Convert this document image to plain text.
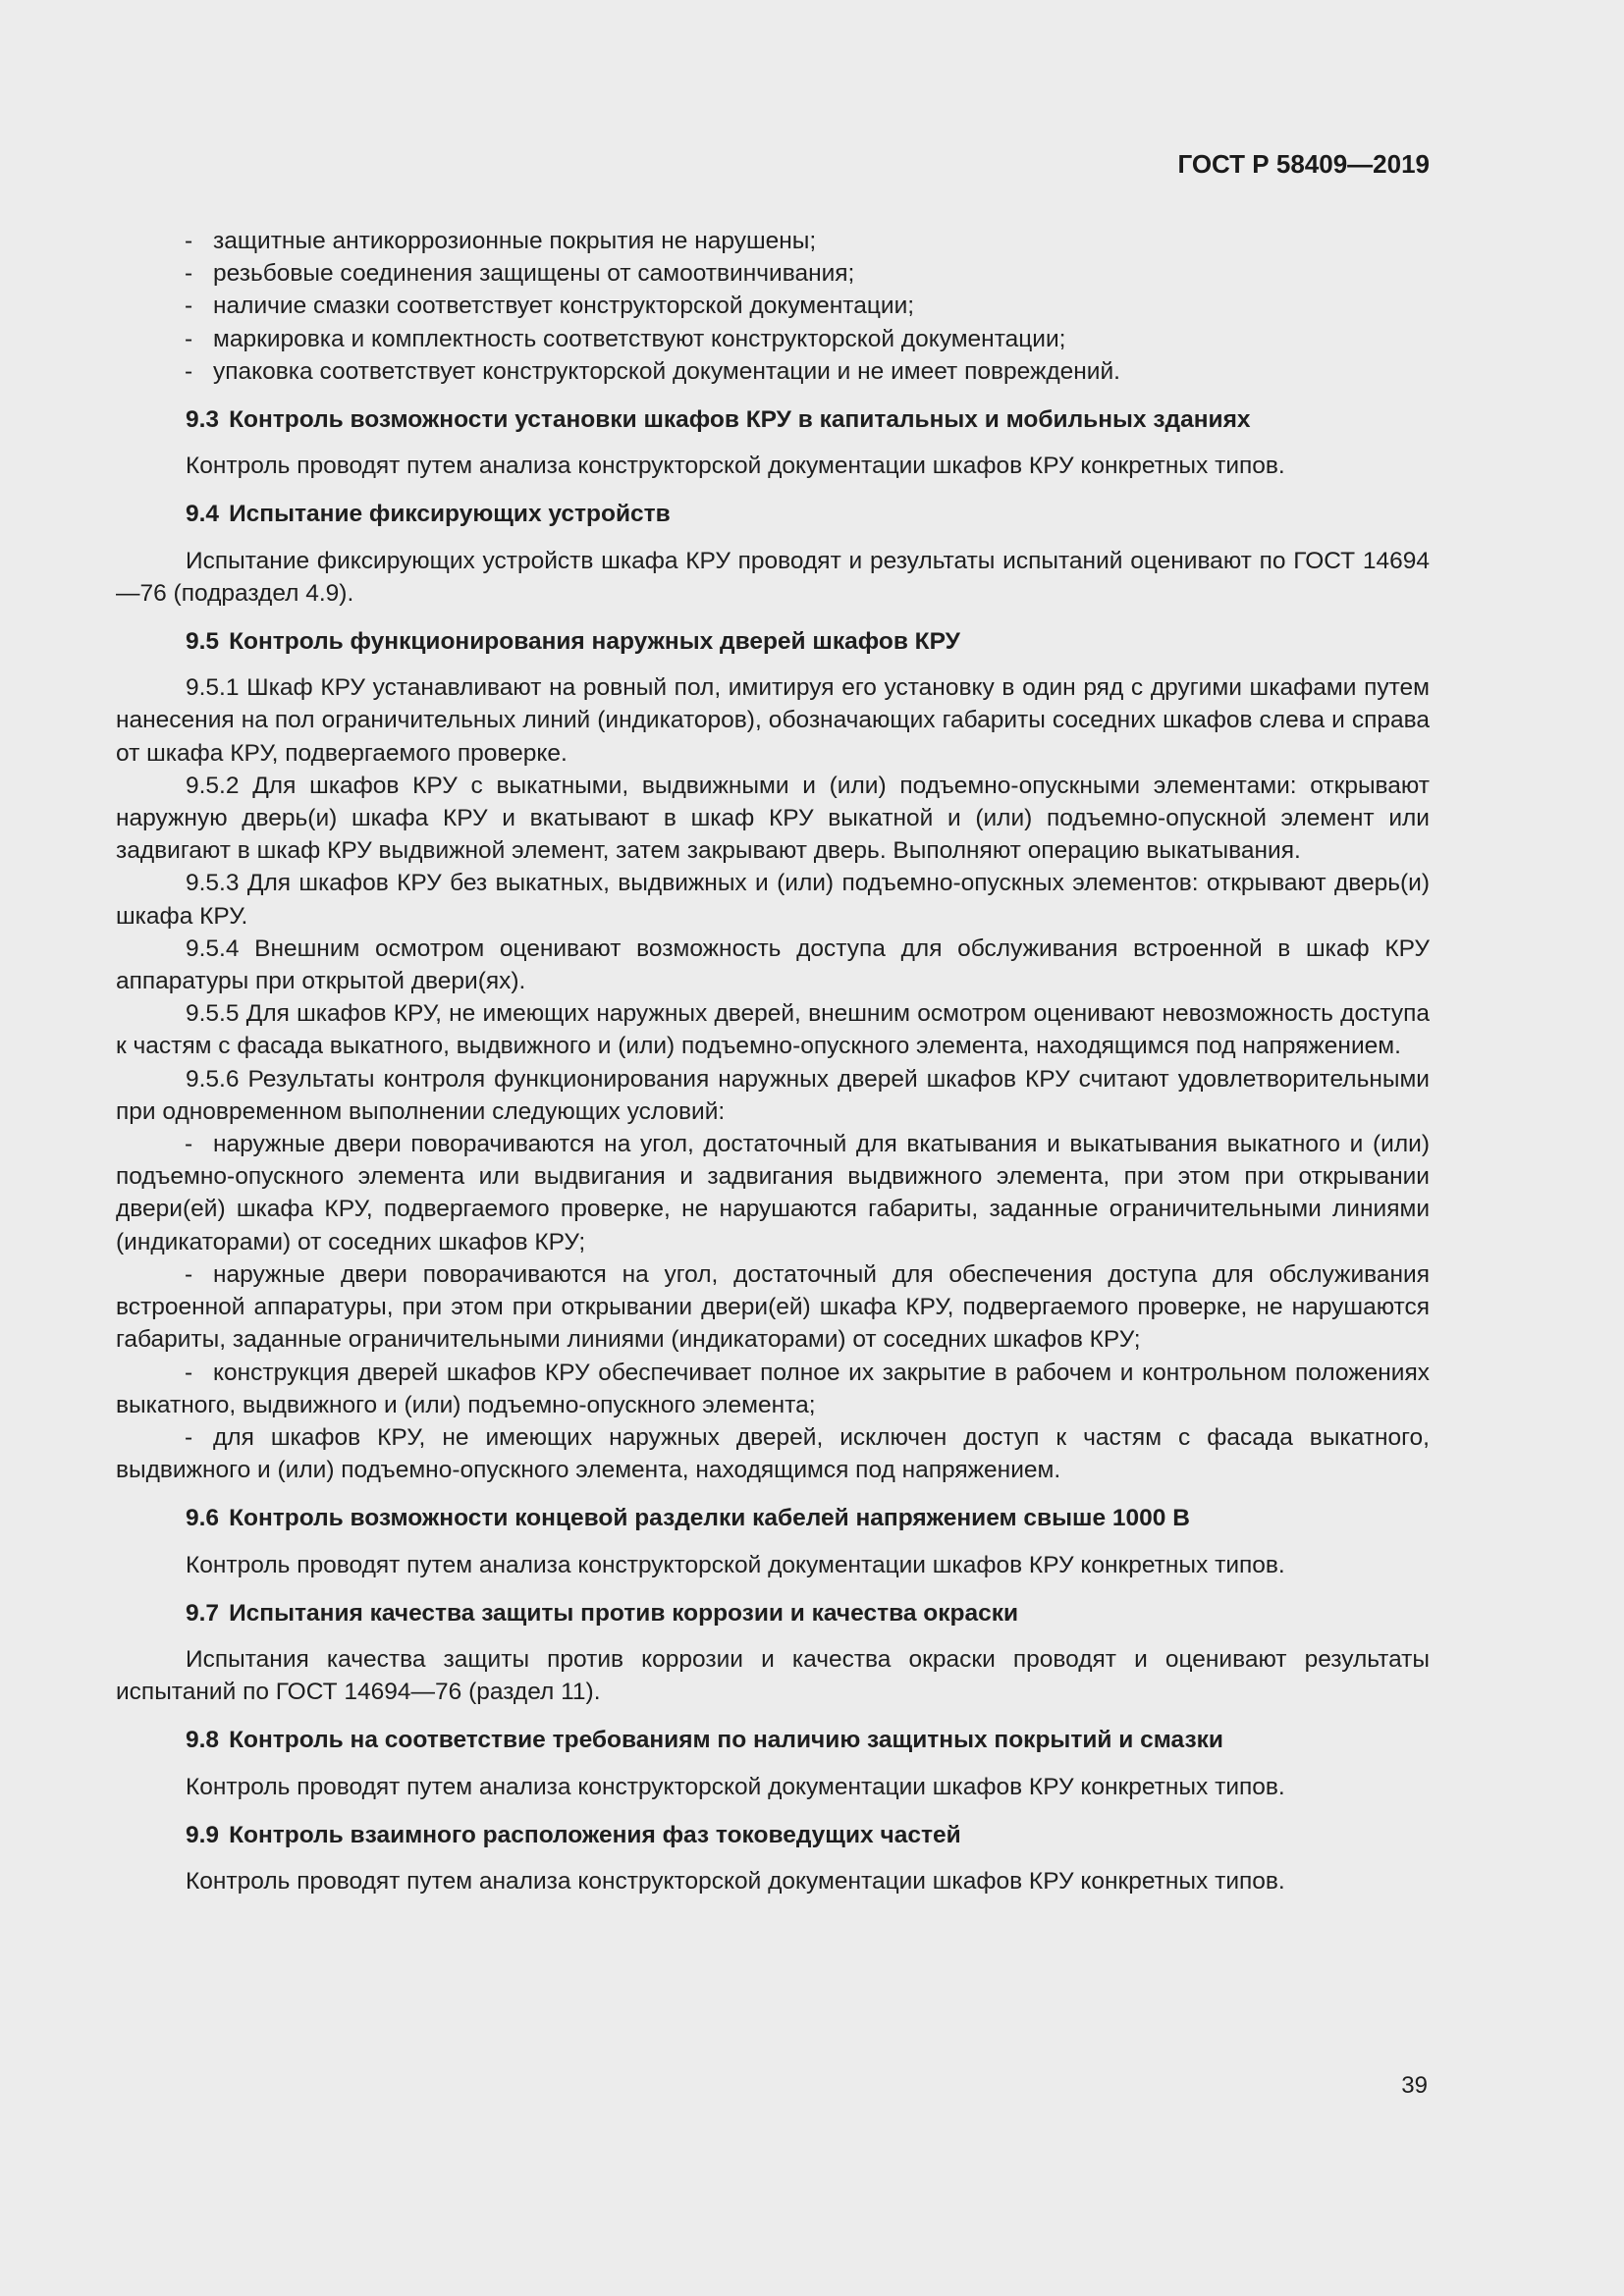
ГОСТ Р 58409—2019

- защитные антикоррозионные покрытия не нарушены;

- резьбовые соединения защищены от самоотвинчивания;

- наличие смазки соответствует конструкторской документации;

- маркировка и комплектность соответствуют конструкторской документации;

- упаковка соответствует конструкторской документации и не имеет повреждений.

9.3 Контроль возможности установки шкафов КРУ в капитальных и мобильных зданиях

Контроль проводят путем анализа конструкторской документации шкафов КРУ конкретных типов.

9.4 Испытание фиксирующих устройств

Испытание фиксирующих устройств шкафа КРУ проводят и результаты испытаний оценивают по ГОСТ 14694—76 (подраздел 4.9).

9.5 Контроль функционирования наружных дверей шкафов КРУ

9.5.1 Шкаф КРУ устанавливают на ровный пол, имитируя его установку в один ряд с другими шкафами путем нанесения на пол ограничительных линий (индикаторов), обозначающих габариты соседних шкафов слева и справа от шкафа КРУ, подвергаемого проверке.

9.5.2 Для шкафов КРУ с выкатными, выдвижными и (или) подъемно-опускными элементами: открывают наружную дверь(и) шкафа КРУ и вкатывают в шкаф КРУ выкатной и (или) подъемно-опускной элемент или задвигают в шкаф КРУ выдвижной элемент, затем закрывают дверь. Выполняют операцию выкатывания.

9.5.3 Для шкафов КРУ без выкатных, выдвижных и (или) подъемно-опускных элементов: открывают дверь(и) шкафа КРУ.

9.5.4 Внешним осмотром оценивают возможность доступа для обслуживания встроенной в шкаф КРУ аппаратуры при открытой двери(ях).

9.5.5 Для шкафов КРУ, не имеющих наружных дверей, внешним осмотром оценивают невозможность доступа к частям с фасада выкатного, выдвижного и (или) подъемно-опускного элемента, находящимся под напряжением.

9.5.6 Результаты контроля функционирования наружных дверей шкафов КРУ считают удовлетворительными при одновременном выполнении следующих условий:

- наружные двери поворачиваются на угол, достаточный для вкатывания и выкатывания выкатного и (или) подъемно-опускного элемента или выдвигания и задвигания выдвижного элемента, при этом при открывании двери(ей) шкафа КРУ, подвергаемого проверке, не нарушаются габариты, заданные ограничительными линиями (индикаторами) от соседних шкафов КРУ;

- наружные двери поворачиваются на угол, достаточный для обеспечения доступа для обслуживания встроенной аппаратуры, при этом при открывании двери(ей) шкафа КРУ, подвергаемого проверке, не нарушаются габариты, заданные ограничительными линиями (индикаторами) от соседних шкафов КРУ;

- конструкция дверей шкафов КРУ обеспечивает полное их закрытие в рабочем и контрольном положениях выкатного, выдвижного и (или) подъемно-опускного элемента;

- для шкафов КРУ, не имеющих наружных дверей, исключен доступ к частям с фасада выкатного, выдвижного и (или) подъемно-опускного элемента, находящимся под напряжением.

9.6 Контроль возможности концевой разделки кабелей напряжением свыше 1000 В

Контроль проводят путем анализа конструкторской документации шкафов КРУ конкретных типов.

9.7 Испытания качества защиты против коррозии и качества окраски

Испытания качества защиты против коррозии и качества окраски проводят и оценивают результаты испытаний по ГОСТ 14694—76 (раздел 11).

9.8 Контроль на соответствие требованиям по наличию защитных покрытий и смазки

Контроль проводят путем анализа конструкторской документации шкафов КРУ конкретных типов.

9.9 Контроль взаимного расположения фаз токоведущих частей

Контроль проводят путем анализа конструкторской документации шкафов КРУ конкретных типов.

39
